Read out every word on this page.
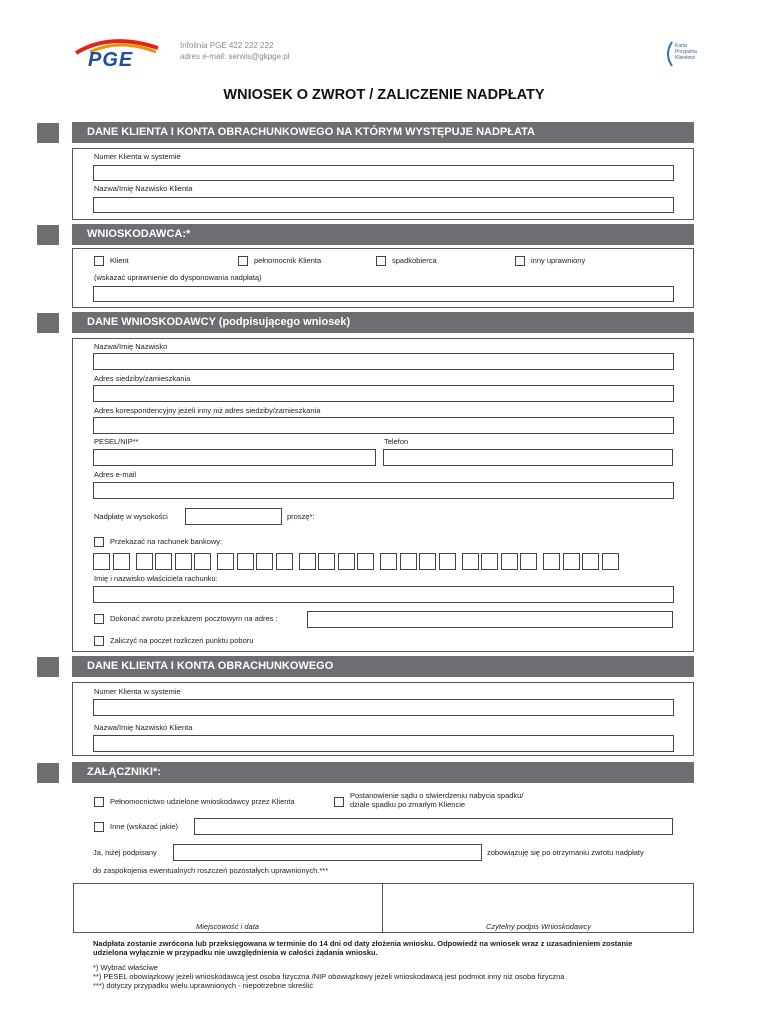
PGE
Infolinia PGE 422 222 222
adres e-mail: serwis@gkpge.pl
Karta
Przyjazna
Klientowi
WNIOSEK O ZWROT / ZALICZENIE NADPŁATY
DANE KLIENTA I KONTA OBRACHUNKOWEGO NA KTÓRYM WYSTĘPUJE NADPŁATA
Numer Klienta w systemie
Nazwa/Imię Nazwisko Klienta
WNIOSKODAWCA:*
Klient	pełnomocnik Klienta	spadkobierca	inny uprawniony
(wskazać uprawnienie do dysponowania nadpłatą)
DANE WNIOSKODAWCY (podpisującego wniosek)
Nazwa/Imię Nazwisko
Adres siedziby/zamieszkania
Adres korespondencyjny jeżeli inny niż adres siedziby/zamieszkania
PESEL/NIP**	Telefon
Adres e-mail
Nadpłatę w wysokości	proszę*:
Przekazać na rachunek bankowy:
Imię i nazwisko właściciela rachunku:
Dokonać zwrotu przekazem pocztowym na adres :
Zaliczyć na poczet rozliczeń punktu poboru
DANE KLIENTA I KONTA OBRACHUNKOWEGO
Numer Klienta w systemie
Nazwa/Imię Nazwisko Klienta
ZAŁĄCZNIKI*:
Pełnomocnictwo udzielone wnioskodawcy przez Klienta
Postanowienie sądu o stwierdzeniu nabycia spadku/
dziale spadku po zmarłym Kliencie
Inne (wskazać jakie)
Ja, niżej podpisany	zobowiązuję się po otrzymaniu zwrotu nadpłaty
do zaspokojenia ewentualnych roszczeń pozostałych uprawnionych.***
Miejscowość i data	Czytelny podpis Wnioskodawcy
Nadpłata zostanie zwrócona lub przeksięgowana w terminie do 14 dni od daty złożenia wniosku. Odpowiedź na wniosek wraz z uzasadnieniem zostanie
udzielona wyłącznie w przypadku nie uwzględnienia w całości żądania wniosku.
*) Wybrać właściwe
**) PESEL obowiązkowy jeżeli wnioskodawcą jest osoba fizyczna /NIP obowiązkowy jeżeli wnioskodawcą jest podmiot inny niż osoba fizyczna
***) dotyczy przypadku wielu uprawnionych - niepotrzebne skreślić
